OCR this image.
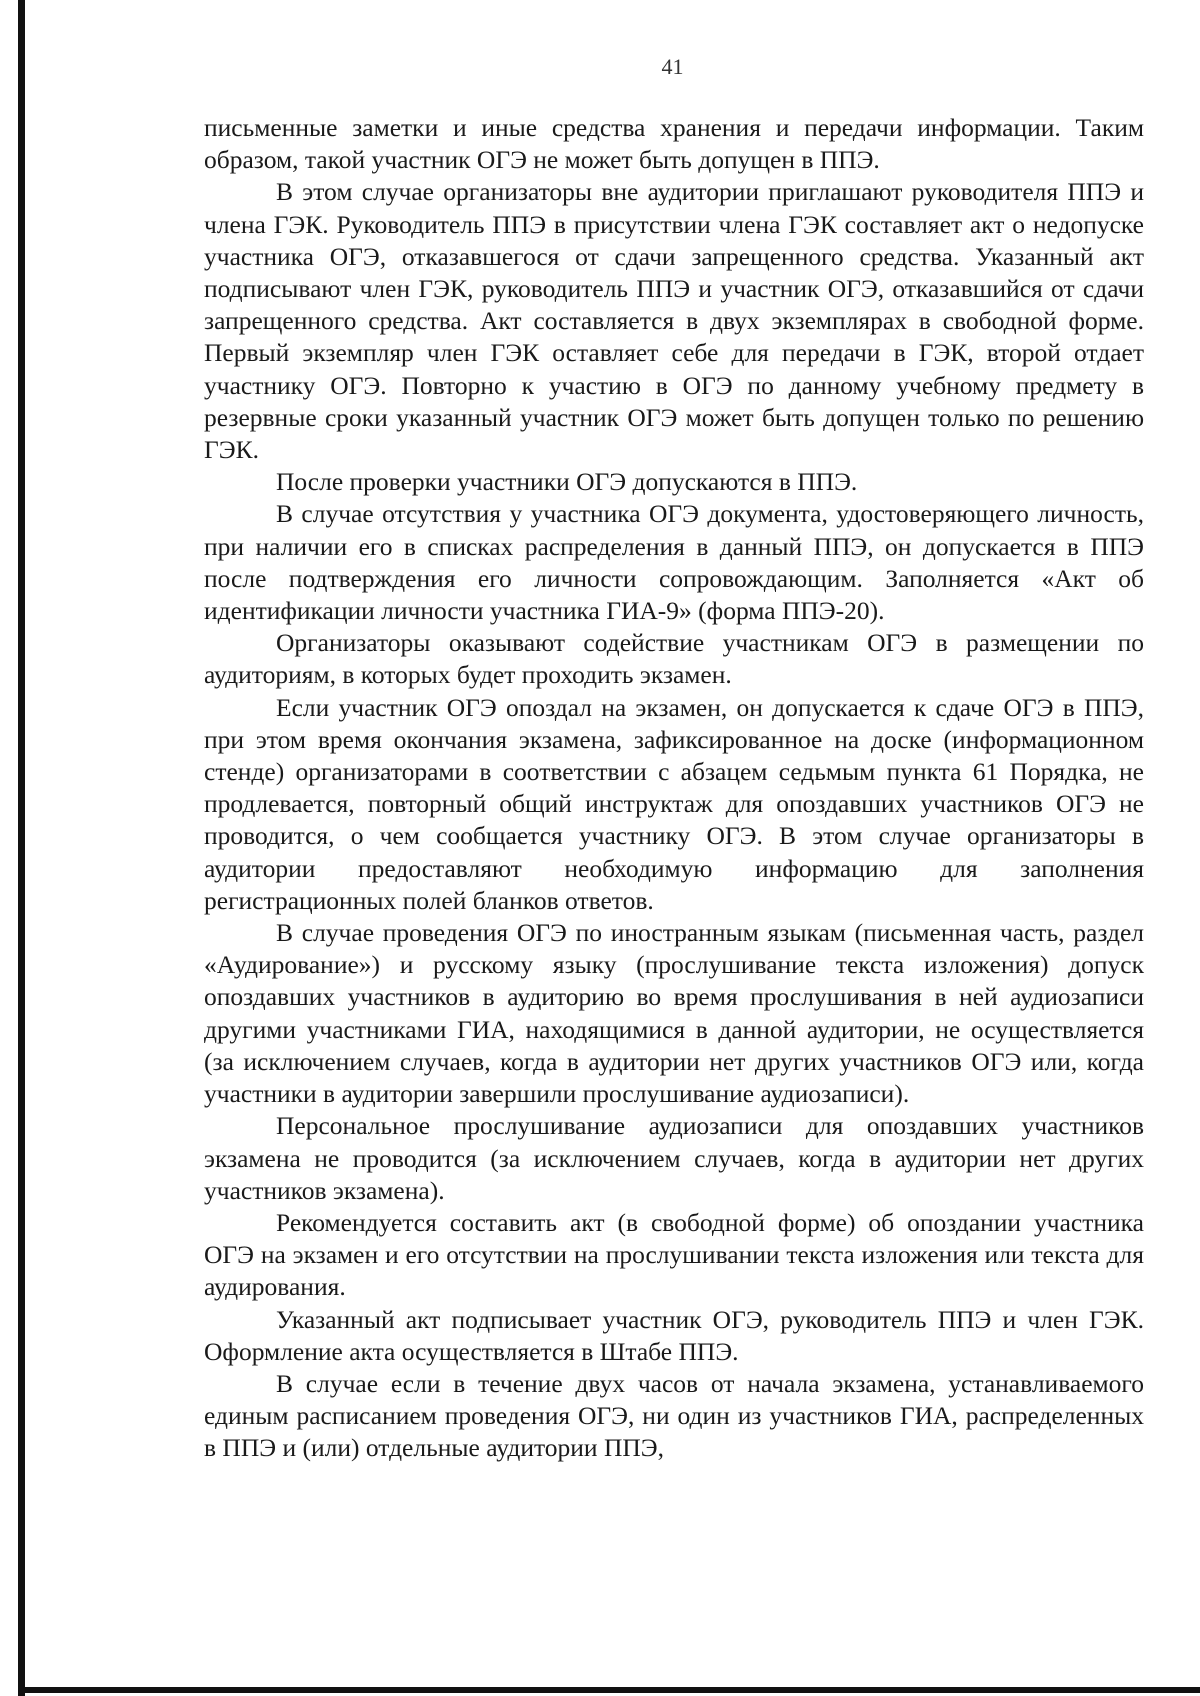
41

письменные заметки и иные средства хранения и передачи информации. Таким образом, такой участник ОГЭ не может быть допущен в ППЭ.

В этом случае организаторы вне аудитории приглашают руководителя ППЭ и члена ГЭК. Руководитель ППЭ в присутствии члена ГЭК составляет акт о недопуске участника ОГЭ, отказавшегося от сдачи запрещенного средства. Указанный акт подписывают член ГЭК, руководитель ППЭ и участник ОГЭ, отказавшийся от сдачи запрещенного средства. Акт составляется в двух экземплярах в свободной форме. Первый экземпляр член ГЭК оставляет себе для передачи в ГЭК, второй отдает участнику ОГЭ. Повторно к участию в ОГЭ по данному учебному предмету в резервные сроки указанный участник ОГЭ может быть допущен только по решению ГЭК.

После проверки участники ОГЭ допускаются в ППЭ.

В случае отсутствия у участника ОГЭ документа, удостоверяющего личность, при наличии его в списках распределения в данный ППЭ, он допускается в ППЭ после подтверждения его личности сопровождающим. Заполняется «Акт об идентификации личности участника ГИА-9» (форма ППЭ-20).

Организаторы оказывают содействие участникам ОГЭ в размещении по аудиториям, в которых будет проходить экзамен.

Если участник ОГЭ опоздал на экзамен, он допускается к сдаче ОГЭ в ППЭ, при этом время окончания экзамена, зафиксированное на доске (информационном стенде) организаторами в соответствии с абзацем седьмым пункта 61 Порядка, не продлевается, повторный общий инструктаж для опоздавших участников ОГЭ не проводится, о чем сообщается участнику ОГЭ. В этом случае организаторы в аудитории предоставляют необходимую информацию для заполнения регистрационных полей бланков ответов.

В случае проведения ОГЭ по иностранным языкам (письменная часть, раздел «Аудирование») и русскому языку (прослушивание текста изложения) допуск опоздавших участников в аудиторию во время прослушивания в ней аудиозаписи другими участниками ГИА, находящимися в данной аудитории, не осуществляется (за исключением случаев, когда в аудитории нет других участников ОГЭ или, когда участники в аудитории завершили прослушивание аудиозаписи).

Персональное прослушивание аудиозаписи для опоздавших участников экзамена не проводится (за исключением случаев, когда в аудитории нет других участников экзамена).

Рекомендуется составить акт (в свободной форме) об опоздании участника ОГЭ на экзамен и его отсутствии на прослушивании текста изложения или текста для аудирования.

Указанный акт подписывает участник ОГЭ, руководитель ППЭ и член ГЭК. Оформление акта осуществляется в Штабе ППЭ.

В случае если в течение двух часов от начала экзамена, устанавливаемого единым расписанием проведения ОГЭ, ни один из участников ГИА, распределенных в ППЭ и (или) отдельные аудитории ППЭ,
